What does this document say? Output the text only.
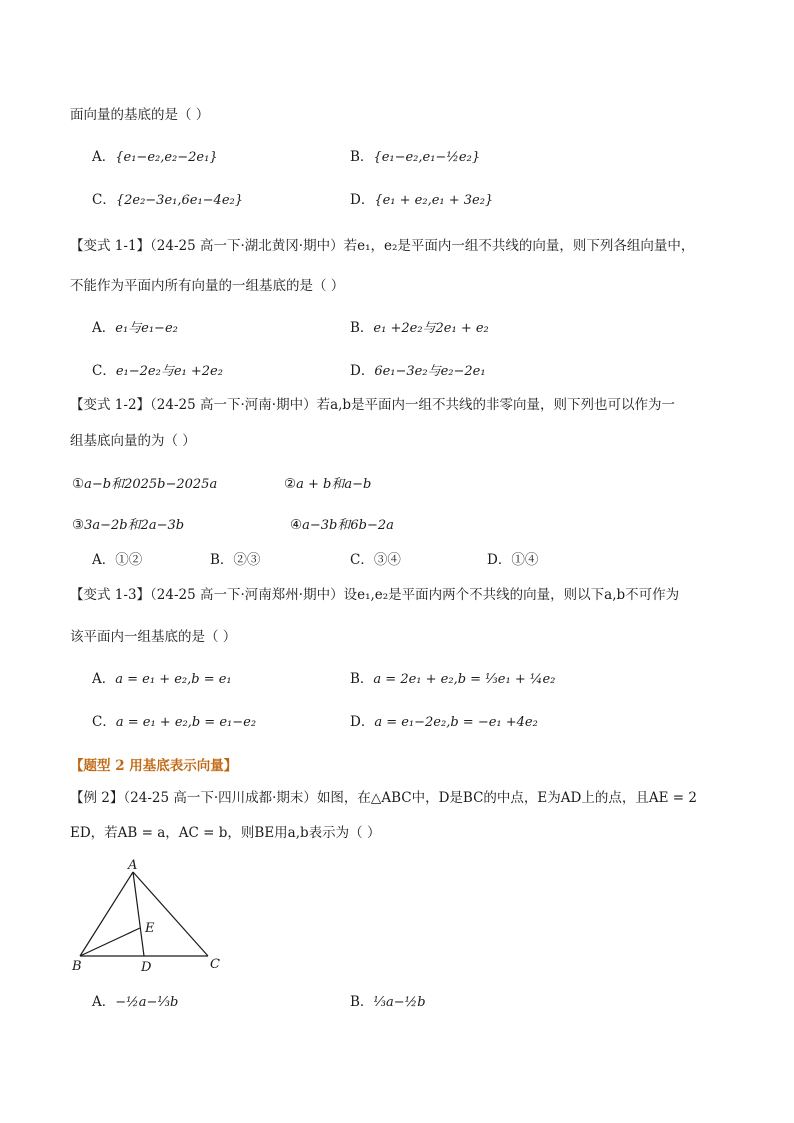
面向量的基底的是（ ）
A．{e₁−e₂,e₂−2e₁}	B．{e₁−e₂,e₁−½e₂}
C．{2e₂−3e₁,6e₁−4e₂}	D．{e₁ + e₂,e₁ + 3e₂}
【变式 1-1】（24-25 高一下·湖北黄冈·期中）若e₁，e₂是平面内一组不共线的向量，则下列各组向量中，
不能作为平面内所有向量的一组基底的是（ ）
A．e₁与e₁−e₂	B．e₁ +2e₂与2e₁ + e₂
C．e₁−2e₂与e₁ +2e₂	D．6e₁−3e₂与e₂−2e₁
【变式 1-2】（24-25 高一下·河南·期中）若a,b是平面内一组不共线的非零向量，则下列也可以作为一
组基底向量的为（ ）
①a−b和2025b−2025a	②a + b和a−b
③3a−2b和2a−3b	④a−3b和6b−2a
A．①②	B．②③	C．③④	D．①④
【变式 1-3】（24-25 高一下·河南郑州·期中）设e₁,e₂是平面内两个不共线的向量，则以下a,b不可作为
该平面内一组基底的是（ ）
A．a = e₁ + e₂,b = e₁	B．a = 2e₁ + e₂,b = ⅓e₁ + ¼e₂
C．a = e₁ + e₂,b = e₁−e₂	D．a = e₁−2e₂,b = −e₁ +4e₂
【题型 2 用基底表示向量】
【例 2】（24-25 高一下·四川成都·期末）如图，在△ABC中，D是BC的中点，E为AD上的点，且AE = 2
ED，若AB = a，AC = b，则BE用a,b表示为（ ）
A
B	C
D
E
A．−½a−⅓b	B．⅓a−½b
